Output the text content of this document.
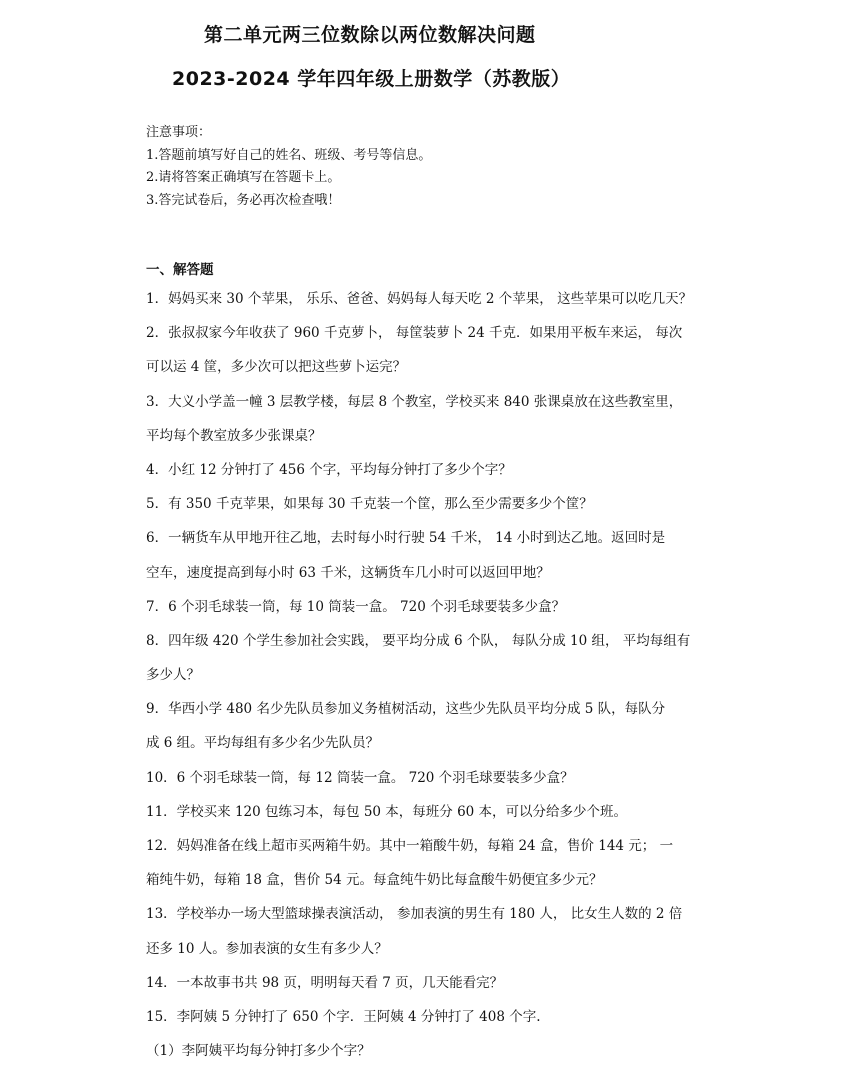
第二单元两三位数除以两位数解决问题
2023-2024 学年四年级上册数学（苏教版）
注意事项：
1.答题前填写好自己的姓名、班级、考号等信息。
2.请将答案正确填写在答题卡上。
3.答完试卷后，务必再次检查哦！
一、解答题
1．妈妈买来 30 个苹果， 乐乐、爸爸、妈妈每人每天吃 2 个苹果， 这些苹果可以吃几天？
2．张叔叔家今年收获了 960 千克萝卜， 每筐装萝卜 24 千克．如果用平板车来运， 每次
可以运 4 筐，多少次可以把这些萝卜运完？
3．大义小学盖一幢 3 层教学楼，每层 8 个教室，学校买来 840 张课桌放在这些教室里，
平均每个教室放多少张课桌？
4．小红 12 分钟打了 456 个字，平均每分钟打了多少个字？
5．有 350 千克苹果，如果每 30 千克装一个筐，那么至少需要多少个筐？
6．一辆货车从甲地开往乙地，去时每小时行驶 54 千米， 14 小时到达乙地。返回时是
空车，速度提高到每小时 63 千米，这辆货车几小时可以返回甲地？
7．6 个羽毛球装一筒，每 10 筒装一盒。 720 个羽毛球要装多少盒？
8．四年级 420 个学生参加社会实践， 要平均分成 6 个队， 每队分成 10 组， 平均每组有
多少人？
9．华西小学 480 名少先队员参加义务植树活动，这些少先队员平均分成 5 队，每队分
成 6 组。平均每组有多少名少先队员？
10．6 个羽毛球装一筒，每 12 筒装一盒。 720 个羽毛球要装多少盒？
11．学校买来 120 包练习本，每包 50 本，每班分 60 本，可以分给多少个班。
12．妈妈准备在线上超市买两箱牛奶。其中一箱酸牛奶，每箱 24 盒，售价 144 元； 一
箱纯牛奶，每箱 18 盒，售价 54 元。每盒纯牛奶比每盒酸牛奶便宜多少元？
13．学校举办一场大型篮球操表演活动， 参加表演的男生有 180 人， 比女生人数的 2 倍
还多 10 人。参加表演的女生有多少人？
14．一本故事书共 98 页，明明每天看 7 页，几天能看完？
15．李阿姨 5 分钟打了 650 个字．王阿姨 4 分钟打了 408 个字.
（1）李阿姨平均每分钟打多少个字？
